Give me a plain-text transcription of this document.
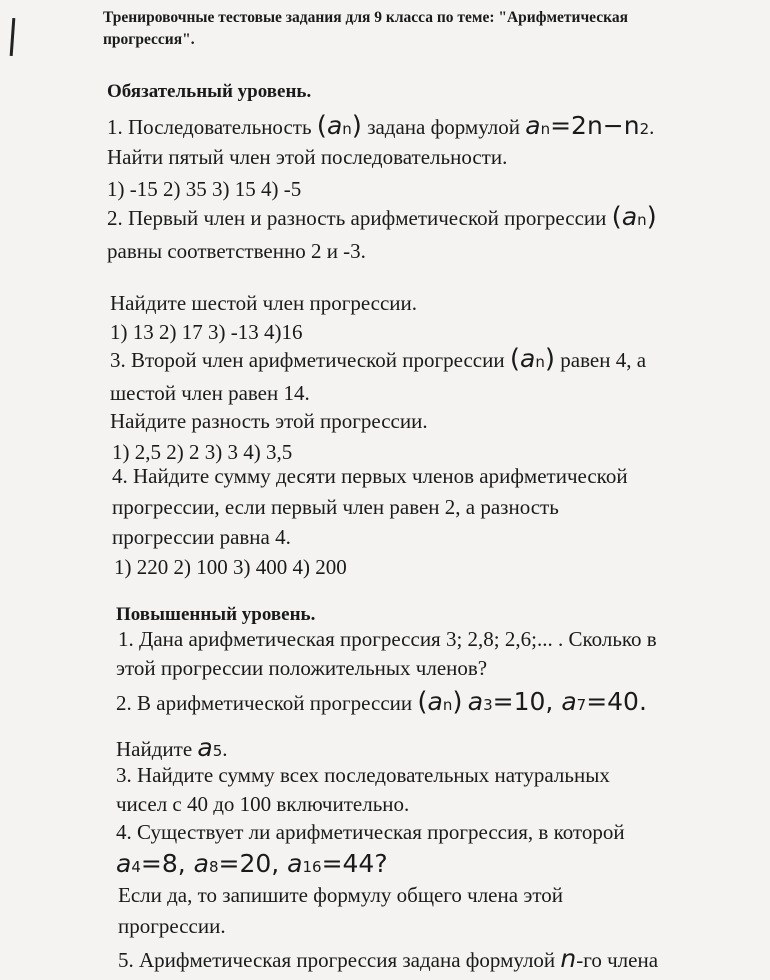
Тренировочные тестовые задания для 9 класса по теме: "Арифметическая
прогрессия".
Обязательный уровень.
1. Последовательность (an) задана формулой an=2n−n2.
Найти пятый член этой последовательности.
1) -15 2) 35 3) 15 4) -5
2. Первый член и разность арифметической прогрессии (an)
равны соответственно 2 и -3.
Найдите шестой член прогрессии.
1) 13 2) 17 3) -13 4)16
3. Второй член арифметической прогрессии (an) равен 4, а
шестой член равен 14.
Найдите разность этой прогрессии.
1) 2,5 2) 2 3) 3 4) 3,5
4. Найдите сумму десяти первых членов арифметической
прогрессии, если первый член равен 2, а разность
прогрессии равна 4.
1) 220 2) 100 3) 400 4) 200
Повышенный уровень.
1. Дана арифметическая прогрессия 3; 2,8; 2,6;... . Сколько в
этой прогрессии положительных членов?
2. В арифметической прогрессии (an) a3=10, a7=40.
Найдите a5.
3. Найдите сумму всех последовательных натуральных
чисел с 40 до 100 включительно.
4. Существует ли арифметическая прогрессия, в которой
a4=8, a8=20, a16=44?
Если да, то запишите формулу общего члена этой
прогрессии.
5. Арифметическая прогрессия задана формулой n-го члена
